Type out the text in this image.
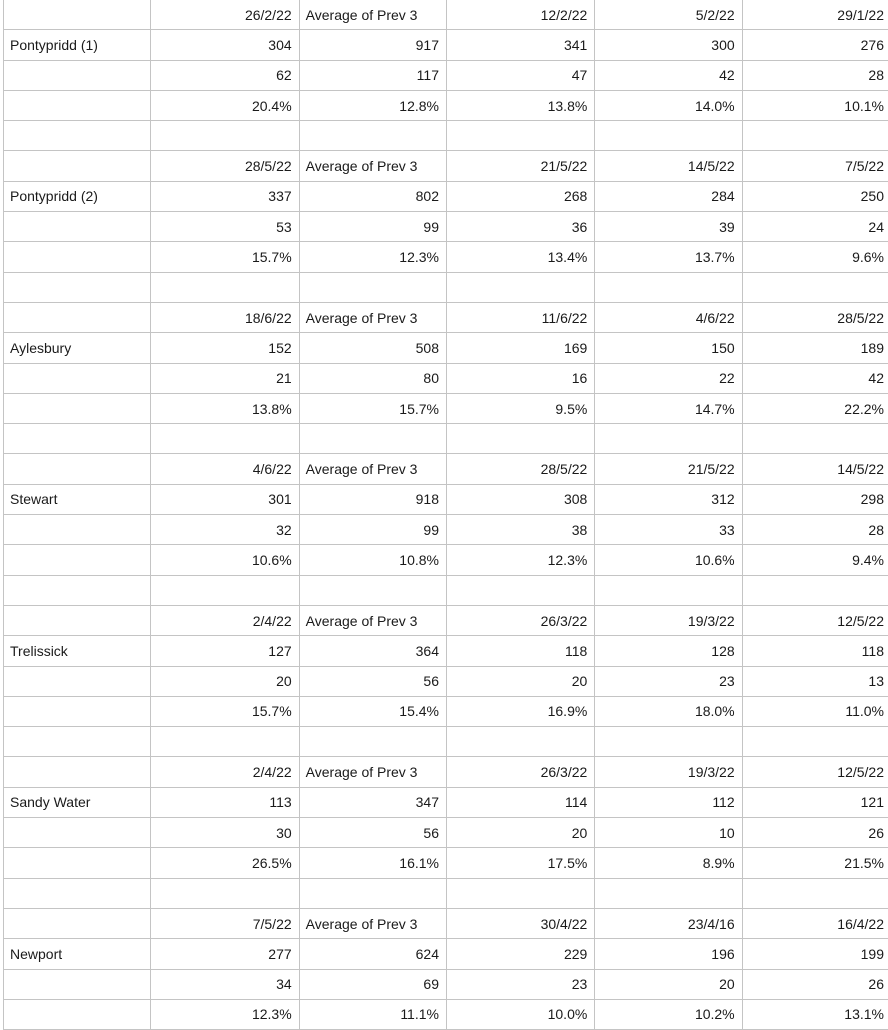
	26/2/22	Average of Prev 3	12/2/22	5/2/22	29/1/22
Pontypridd (1)	304	917	341	300	276
	62	117	47	42	28
	20.4%	12.8%	13.8%	14.0%	10.1%

	28/5/22	Average of Prev 3	21/5/22	14/5/22	7/5/22
Pontypridd (2)	337	802	268	284	250
	53	99	36	39	24
	15.7%	12.3%	13.4%	13.7%	9.6%

	18/6/22	Average of Prev 3	11/6/22	4/6/22	28/5/22
Aylesbury	152	508	169	150	189
	21	80	16	22	42
	13.8%	15.7%	9.5%	14.7%	22.2%

	4/6/22	Average of Prev 3	28/5/22	21/5/22	14/5/22
Stewart	301	918	308	312	298
	32	99	38	33	28
	10.6%	10.8%	12.3%	10.6%	9.4%

	2/4/22	Average of Prev 3	26/3/22	19/3/22	12/5/22
Trelissick	127	364	118	128	118
	20	56	20	23	13
	15.7%	15.4%	16.9%	18.0%	11.0%

	2/4/22	Average of Prev 3	26/3/22	19/3/22	12/5/22
Sandy Water	113	347	114	112	121
	30	56	20	10	26
	26.5%	16.1%	17.5%	8.9%	21.5%

	7/5/22	Average of Prev 3	30/4/22	23/4/16	16/4/22
Newport	277	624	229	196	199
	34	69	23	20	26
	12.3%	11.1%	10.0%	10.2%	13.1%
